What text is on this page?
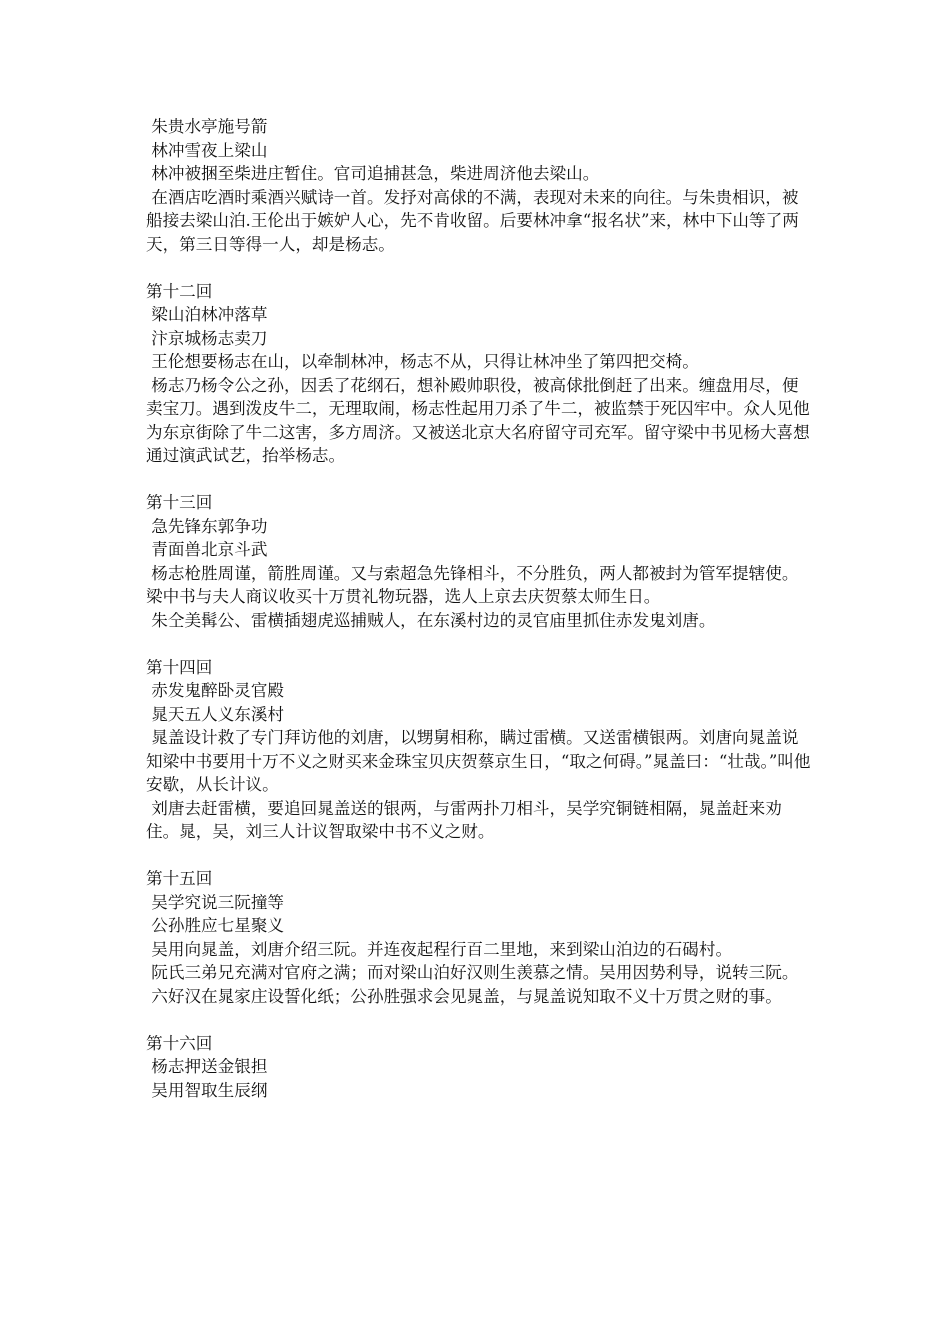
朱贵水亭施号箭

林冲雪夜上梁山

林冲被捆至柴进庄暂住。官司追捕甚急，柴进周济他去梁山。

在酒店吃酒时乘酒兴赋诗一首。发抒对高俅的不满，表现对未来的向往。与朱贵相识，被船接去梁山泊.王伦出于嫉妒人心，先不肯收留。后要林冲拿“报名状”来，林中下山等了两天，第三日等得一人，却是杨志。

第十二回

梁山泊林冲落草

汴京城杨志卖刀

王伦想要杨志在山，以牵制林冲，杨志不从，只得让林冲坐了第四把交椅。

杨志乃杨令公之孙，因丢了花纲石，想补殿帅职役，被高俅批倒赶了出来。缠盘用尽，便卖宝刀。遇到泼皮牛二，无理取闹，杨志性起用刀杀了牛二，被监禁于死囚牢中。众人见他为东京街除了牛二这害，多方周济。又被送北京大名府留守司充军。留守梁中书见杨大喜想通过演武试艺，抬举杨志。

第十三回

急先锋东郭争功

青面兽北京斗武

杨志枪胜周谨，箭胜周谨。又与索超急先锋相斗，不分胜负，两人都被封为管军提辖使。梁中书与夫人商议收买十万贯礼物玩器，选人上京去庆贺蔡太师生日。

朱仝美髯公、雷横插翅虎巡捕贼人，在东溪村边的灵官庙里抓住赤发鬼刘唐。

第十四回

赤发鬼醉卧灵官殿

晁天五人义东溪村

晁盖设计救了专门拜访他的刘唐，以甥舅相称，瞒过雷横。又送雷横银两。刘唐向晁盖说知梁中书要用十万不义之财买来金珠宝贝庆贺蔡京生日，“取之何碍。”晁盖曰：“壮哉。”叫他安歇，从长计议。

刘唐去赶雷横，要追回晁盖送的银两，与雷两扑刀相斗，吴学究铜链相隔，晁盖赶来劝住。晁，吴，刘三人计议智取梁中书不义之财。

第十五回

吴学究说三阮撞等

公孙胜应七星聚义

吴用向晁盖，刘唐介绍三阮。并连夜起程行百二里地，来到梁山泊边的石碣村。

阮氏三弟兄充满对官府之满；而对梁山泊好汉则生羡慕之情。吴用因势利导，说转三阮。

六好汉在晁家庄设誓化纸；公孙胜强求会见晁盖，与晁盖说知取不义十万贯之财的事。

第十六回

杨志押送金银担

吴用智取生辰纲
